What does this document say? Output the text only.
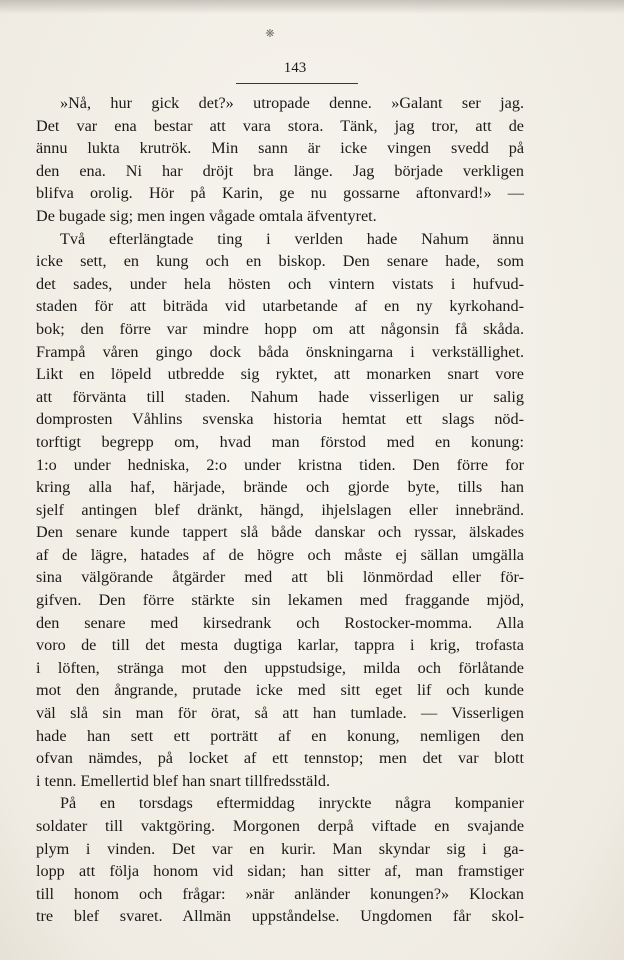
❋
143
»Nå, hur gick det?» utropade denne. »Galant ser jag.
Det var ena bestar att vara stora. Tänk, jag tror, att de
ännu lukta krutrök. Min sann är icke vingen svedd på
den ena. Ni har dröjt bra länge. Jag började verkligen
blifva orolig. Hör på Karin, ge nu gossarne aftonvard!» —
De bugade sig; men ingen vågade omtala äfventyret.
Två efterlängtade ting i verlden hade Nahum ännu
icke sett, en kung och en biskop. Den senare hade, som
det sades, under hela hösten och vintern vistats i hufvud-
staden för att biträda vid utarbetande af en ny kyrkohand-
bok; den förre var mindre hopp om att någonsin få skåda.
Frampå våren gingo dock båda önskningarna i verkställighet.
Likt en löpeld utbredde sig ryktet, att monarken snart vore
att förvänta till staden. Nahum hade visserligen ur salig
domprosten Våhlins svenska historia hemtat ett slags nöd-
torftigt begrepp om, hvad man förstod med en konung:
1:o under hedniska, 2:o under kristna tiden. Den förre for
kring alla haf, härjade, brände och gjorde byte, tills han
sjelf antingen blef dränkt, hängd, ihjelslagen eller innebränd.
Den senare kunde tappert slå både danskar och ryssar, älskades
af de lägre, hatades af de högre och måste ej sällan umgälla
sina välgörande åtgärder med att bli lönmördad eller för-
gifven. Den förre stärkte sin lekamen med fraggande mjöd,
den senare med kirsedrank och Rostocker-momma. Alla
voro de till det mesta dugtiga karlar, tappra i krig, trofasta
i löften, stränga mot den uppstudsige, milda och förlåtande
mot den ångrande, prutade icke med sitt eget lif och kunde
väl slå sin man för örat, så att han tumlade. — Visserligen
hade han sett ett porträtt af en konung, nemligen den
ofvan nämdes, på locket af ett tennstop; men det var blott
i tenn. Emellertid blef han snart tillfredsstäld.
På en torsdags eftermiddag inryckte några kompanier
soldater till vaktgöring. Morgonen derpå viftade en svajande
plym i vinden. Det var en kurir. Man skyndar sig i ga-
lopp att följa honom vid sidan; han sitter af, man framstiger
till honom och frågar: »när anländer konungen?» Klockan
tre blef svaret. Allmän uppståndelse. Ungdomen får skol-
